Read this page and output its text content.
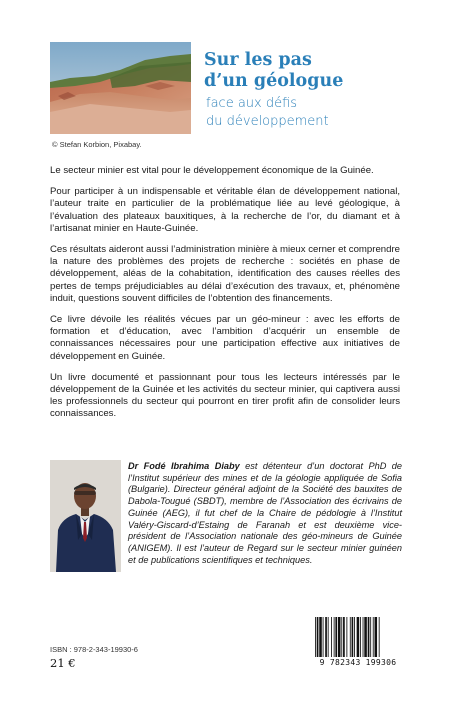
© Stefan Korbion, Pixabay.
Sur les pas
d’un géologue
face aux défis
du développement

Le secteur minier est vital pour le développement économique de la Guinée.

Pour participer à un indispensable et véritable élan de développement national, l’auteur traite en particulier de la problématique liée au levé géologique, à l’évaluation des plateaux bauxitiques, à la recherche de l’or, du diamant et à l’artisanat minier en Haute-Guinée.

Ces résultats aideront aussi l’administration minière à mieux cerner et comprendre la nature des problèmes des projets de recherche : sociétés en phase de développement, aléas de la cohabitation, identification des causes réelles des pertes de temps préjudiciables au délai d’exécution des travaux, et, phénomène induit, questions souvent difficiles de l’obtention des financements.

Ce livre dévoile les réalités vécues par un géo-mineur : avec les efforts de formation et d’éducation, avec l’ambition d’acquérir un ensemble de connaissances nécessaires pour une participation effective aux initiatives de développement en Guinée.

Un livre documenté et passionnant pour tous les lecteurs intéressés par le développement de la Guinée et les activités du secteur minier, qui captivera aussi les professionnels du secteur qui pourront en tirer profit afin de consolider leurs connaissances.

Dr Fodé Ibrahima Diaby est détenteur d’un doctorat PhD de l’Institut supérieur des mines et de la géologie appliquée de Sofia (Bulgarie). Directeur général adjoint de la Société des bauxites de Dabola-Tougué (SBDT), membre de l’Association des écrivains de Guinée (AEG), il fut chef de la Chaire de pédologie à l’Institut Valéry-Giscard-d’Estaing de Faranah et est deuxième vice-président de l’Association nationale des géo-mineurs de Guinée (ANIGEM). Il est l’auteur de Regard sur le secteur minier guinéen et de publications scientifiques et techniques.
ISBN : 978-2-343-19930-6
21 €	9 782343 199306
